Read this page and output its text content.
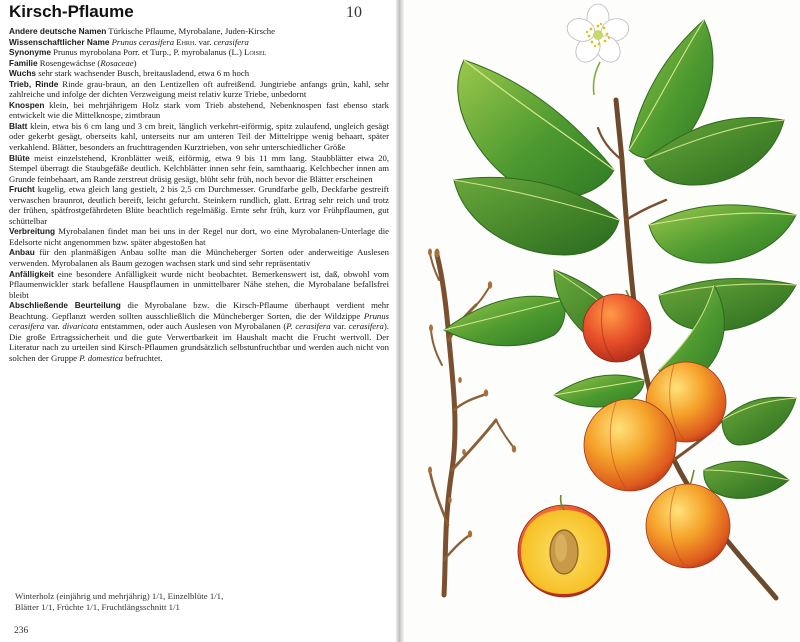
Kirsch-Pflaume	10

Andere deutsche Namen Türkische Pflaume, Myrobalane, Juden-Kirsche

Wissenschaftlicher Name Prunus cerasifera Ehrh. var. cerasifera

Synonyme Prunus myrobolana Porr. et Turp., P. myrobalanus (L.) Loisel

Familie Rosengewächse (Rosaceae)

Wuchs sehr stark wachsender Busch, breitausladend, etwa 6 m hoch

Trieb, Rinde Rinde grau-braun, an den Lentizellen oft aufreißend. Jungtriebe anfangs grün, kahl, sehr zahlreiche und infolge der dichten Verzweigung meist relativ kurze Triebe, unbedornt

Knospen klein, bei mehrjährigem Holz stark vom Trieb abstehend, Nebenknospen fast ebenso stark entwickelt wie die Mittelknospe, zimtbraun

Blatt klein, etwa bis 6 cm lang und 3 cm breit, länglich verkehrt-eiförmig, spitz zulaufend, ungleich gesägt oder gekerbt gesägt, oberseits kahl, unterseits nur am unteren Teil der Mittelrippe wenig behaart, später verkahlend. Blätter, besonders an fruchttragenden Kurztrieben, von sehr unterschiedlicher Größe

Blüte meist einzelstehend, Kronblätter weiß, eiförmig, etwa 9 bis 11 mm lang. Staubblätter etwa 20, Stempel überragt die Staubgefäße deutlich. Kelchblätter innen sehr fein, samthaarig. Kelchbecher innen am Grunde feinbehaart, am Rande zerstreut drüsig gesägt, blüht sehr früh, noch bevor die Blätter erscheinen

Frucht kugelig, etwa gleich lang gestielt, 2 bis 2,5 cm Durchmesser. Grundfarbe gelb, Deckfarbe gestreift verwaschen braunrot, deutlich bereift, leicht gefurcht. Steinkern rundlich, glatt. Ertrag sehr reich und trotz der frühen, spätfrostgefährdeten Blüte beachtlich regelmäßig. Ernte sehr früh, kurz vor Frühpflaumen, gut schüttelbar

Verbreitung Myrobalanen findet man bei uns in der Regel nur dort, wo eine Myrobalanen-Unterlage die Edelsorte nicht angenommen bzw. später abgestoßen hat

Anbau für den planmäßigen Anbau sollte man die Müncheberger Sorten oder anderweitige Auslesen verwenden. Myrobalanen als Baum gezogen wachsen stark und sind sehr repräsentativ

Anfälligkeit eine besondere Anfälligkeit wurde nicht beobachtet. Bemerkenswert ist, daß, obwohl vom Pflaumenwickler stark befallene Hauspflaumen in unmittelbarer Nähe stehen, die Myrobalane befallsfrei bleibt

Abschließende Beurteilung die Myrobalane bzw. die Kirsch-Pflaume überhaupt verdient mehr Beachtung. Gepflanzt werden sollten ausschließlich die Müncheberger Sorten, die der Wildzippe Prunus cerasifera var. divaricata entstammen, oder auch Auslesen von Myrobalanen (P. cerasifera var. cerasifera). Die große Ertragssicherheit und die gute Verwertbarkeit im Haushalt macht die Frucht wertvoll. Der Literatur nach zu urteilen sind Kirsch-Pflaumen grundsätzlich selbstunfruchtbar und werden auch nicht von solchen der Gruppe P. domestica befruchtet.

Winterholz (einjährig und mehrjährig) 1/1, Einzelblüte 1/1,
Blätter 1/1, Früchte 1/1, Fruchtlängsschnitt 1/1
236
